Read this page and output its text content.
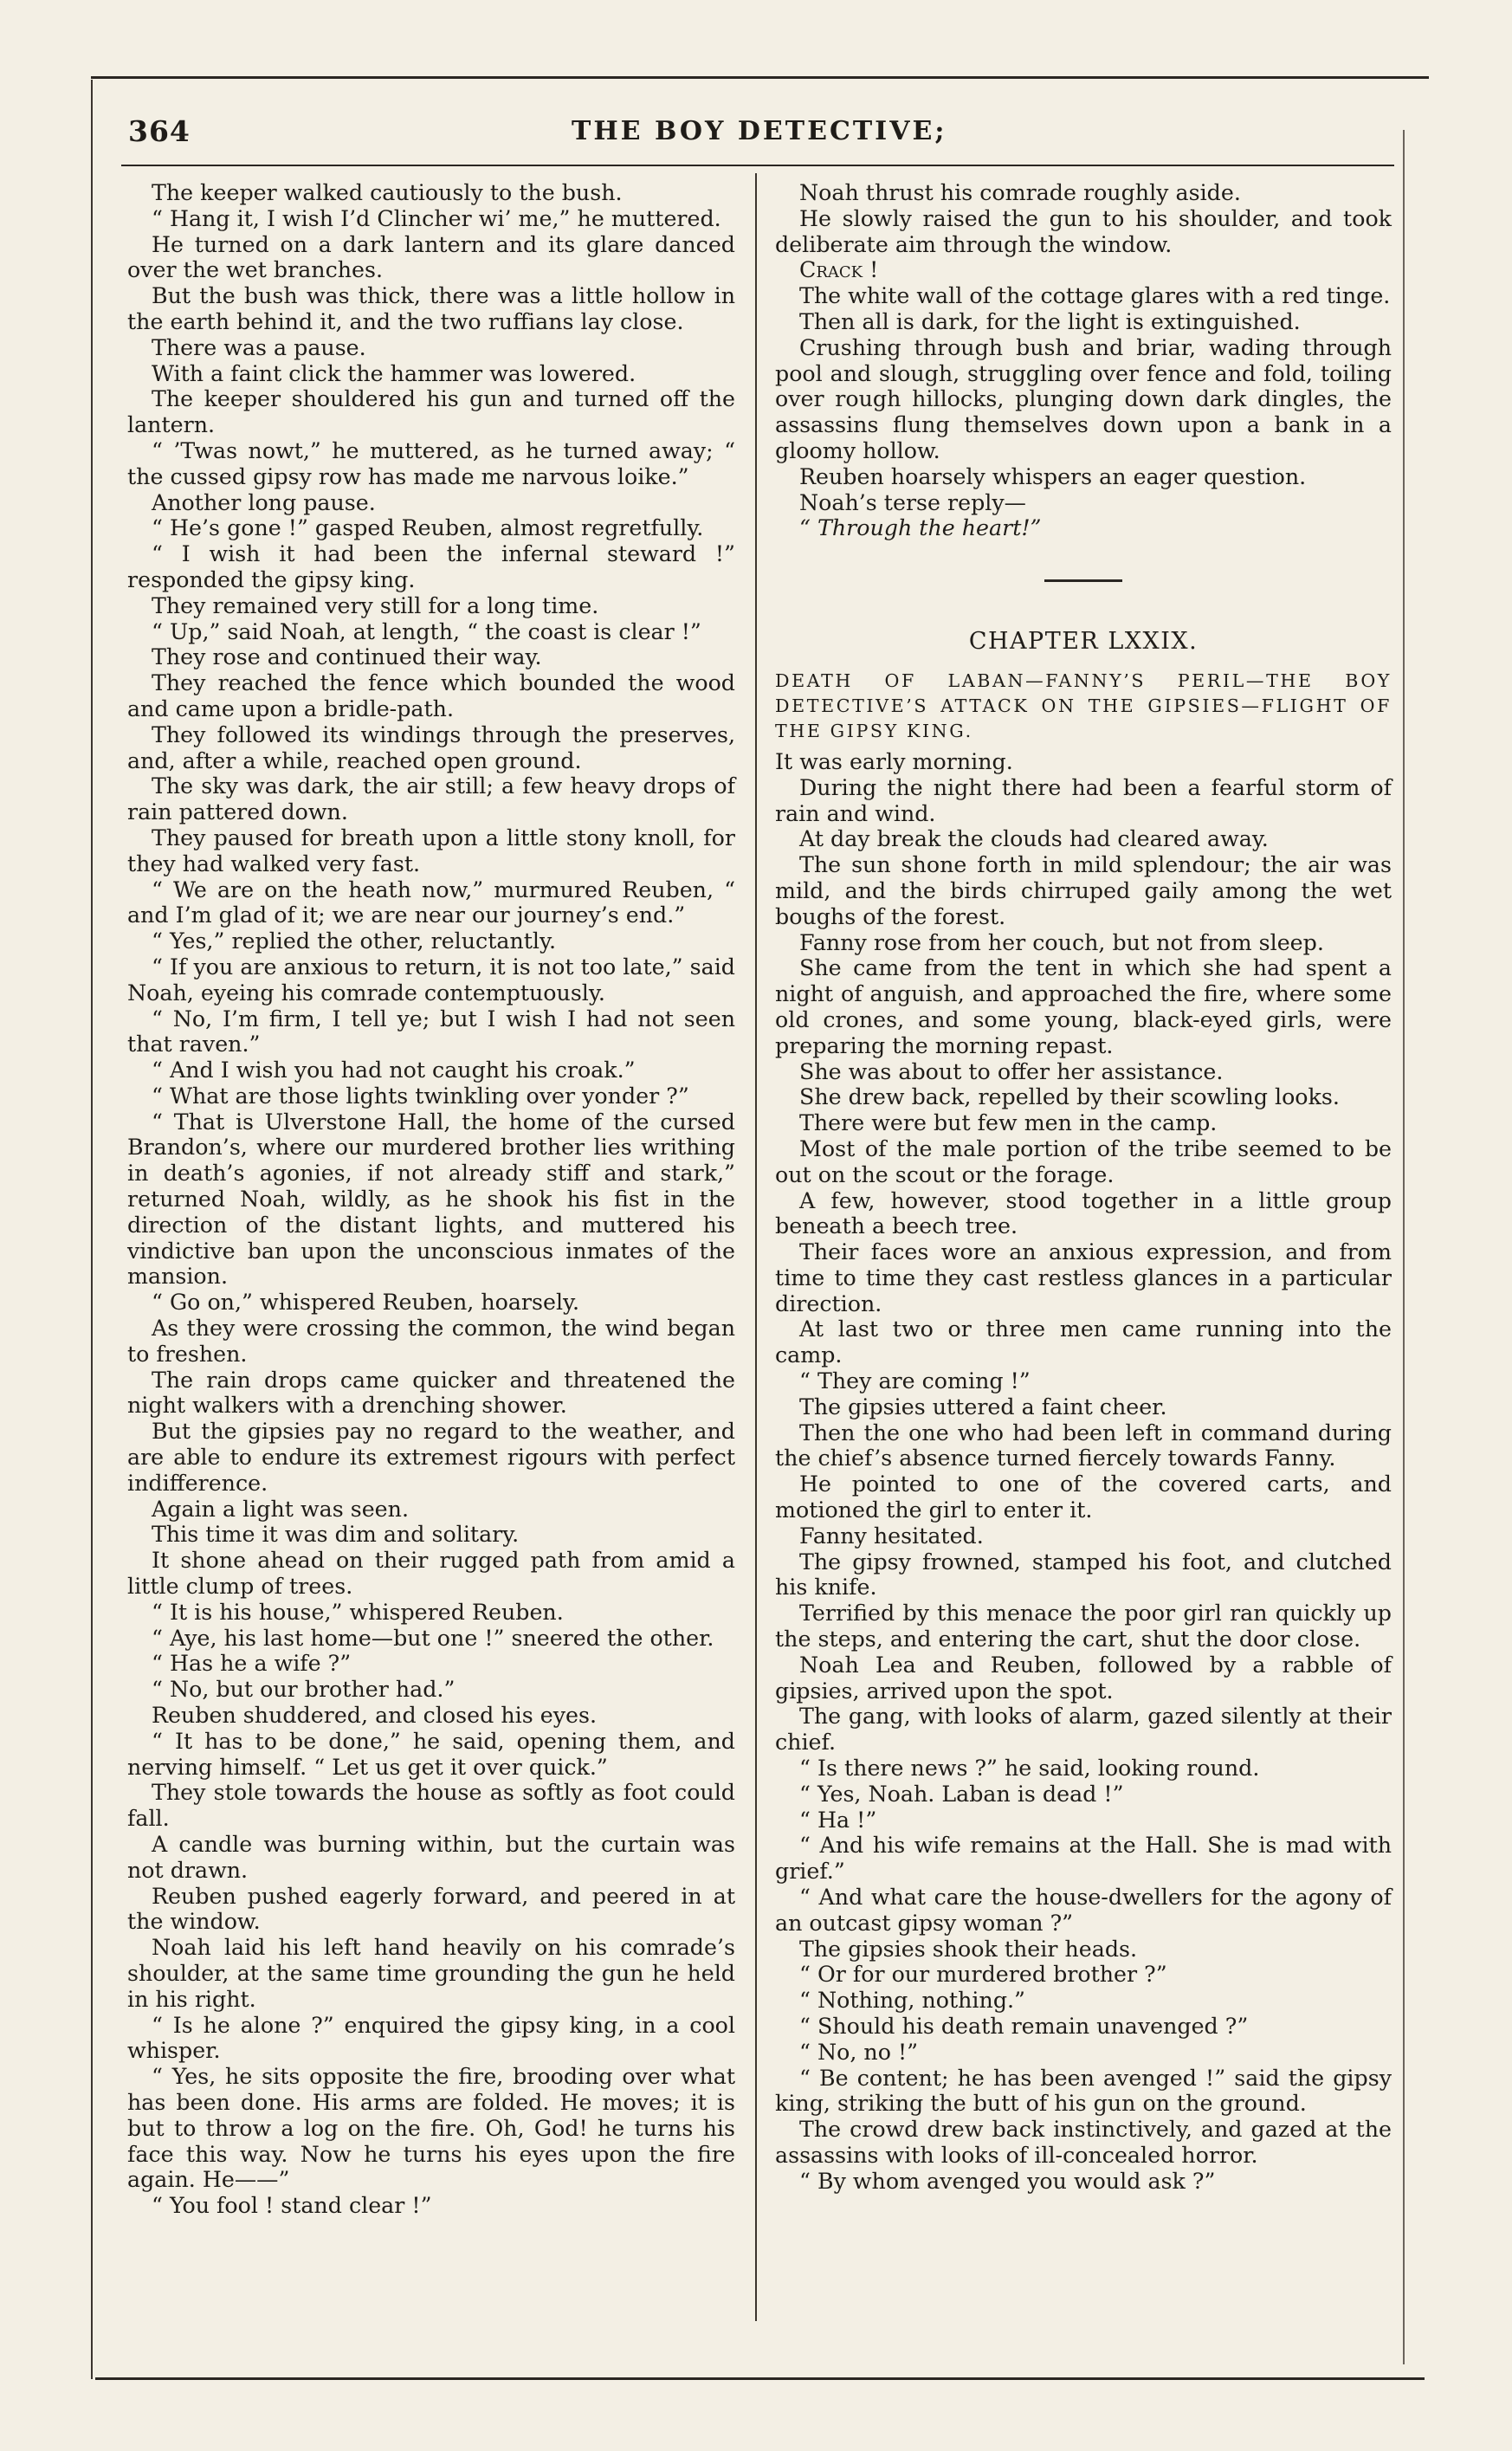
364	THE BOY DETECTIVE;

The keeper walked cautiously to the bush.

“ Hang it, I wish I’d Clincher wi’ me,” he muttered.

He turned on a dark lantern and its glare danced over the wet branches.

But the bush was thick, there was a little hollow in the earth behind it, and the two ruffians lay close.

There was a pause.

With a faint click the hammer was lowered.

The keeper shouldered his gun and turned off the lantern.

“ ’Twas nowt,” he muttered, as he turned away; “ the cussed gipsy row has made me narvous loike.”

Another long pause.

“ He’s gone !” gasped Reuben, almost regretfully.

“ I wish it had been the infernal steward !” responded the gipsy king.

They remained very still for a long time.

“ Up,” said Noah, at length, “ the coast is clear !”

They rose and continued their way.

They reached the fence which bounded the wood and came upon a bridle-path.

They followed its windings through the preserves, and, after a while, reached open ground.

The sky was dark, the air still; a few heavy drops of rain pattered down.

They paused for breath upon a little stony knoll, for they had walked very fast.

“ We are on the heath now,” murmured Reuben, “ and I’m glad of it; we are near our journey’s end.”

“ Yes,” replied the other, reluctantly.

“ If you are anxious to return, it is not too late,” said Noah, eyeing his comrade contemptuously.

“ No, I’m firm, I tell ye; but I wish I had not seen that raven.”

“ And I wish you had not caught his croak.”

“ What are those lights twinkling over yonder ?”

“ That is Ulverstone Hall, the home of the cursed Brandon’s, where our murdered brother lies writhing in death’s agonies, if not already stiff and stark,” returned Noah, wildly, as he shook his fist in the direction of the distant lights, and muttered his vindictive ban upon the unconscious inmates of the mansion.

“ Go on,” whispered Reuben, hoarsely.

As they were crossing the common, the wind began to freshen.

The rain drops came quicker and threatened the night walkers with a drenching shower.

But the gipsies pay no regard to the weather, and are able to endure its extremest rigours with perfect indifference.

Again a light was seen.

This time it was dim and solitary.

It shone ahead on their rugged path from amid a little clump of trees.

“ It is his house,” whispered Reuben.

“ Aye, his last home—but one !” sneered the other.

“ Has he a wife ?”

“ No, but our brother had.”

Reuben shuddered, and closed his eyes.

“ It has to be done,” he said, opening them, and nerving himself. “ Let us get it over quick.”

They stole towards the house as softly as foot could fall.

A candle was burning within, but the curtain was not drawn.

Reuben pushed eagerly forward, and peered in at the window.

Noah laid his left hand heavily on his comrade’s shoulder, at the same time grounding the gun he held in his right.

“ Is he alone ?” enquired the gipsy king, in a cool whisper.

“ Yes, he sits opposite the fire, brooding over what has been done. His arms are folded. He moves; it is but to throw a log on the fire. Oh, God! he turns his face this way. Now he turns his eyes upon the fire again. He——”

“ You fool ! stand clear !”

Noah thrust his comrade roughly aside.

He slowly raised the gun to his shoulder, and took deliberate aim through the window.

Crack !

The white wall of the cottage glares with a red tinge.

Then all is dark, for the light is extinguished.

Crushing through bush and briar, wading through pool and slough, struggling over fence and fold, toiling over rough hillocks, plunging down dark dingles, the assassins flung themselves down upon a bank in a gloomy hollow.

Reuben hoarsely whispers an eager question.

Noah’s terse reply—

“ Through the heart!”

CHAPTER LXXIX.

DEATH OF LABAN—FANNY’S PERIL—THE BOY DETECTIVE’S ATTACK ON THE GIPSIES—FLIGHT OF THE GIPSY KING.

It was early morning.

During the night there had been a fearful storm of rain and wind.

At day break the clouds had cleared away.

The sun shone forth in mild splendour; the air was mild, and the birds chirruped gaily among the wet boughs of the forest.

Fanny rose from her couch, but not from sleep.

She came from the tent in which she had spent a night of anguish, and approached the fire, where some old crones, and some young, black-eyed girls, were preparing the morning repast.

She was about to offer her assistance.

She drew back, repelled by their scowling looks.

There were but few men in the camp.

Most of the male portion of the tribe seemed to be out on the scout or the forage.

A few, however, stood together in a little group beneath a beech tree.

Their faces wore an anxious expression, and from time to time they cast restless glances in a particular direction.

At last two or three men came running into the camp.

“ They are coming !”

The gipsies uttered a faint cheer.

Then the one who had been left in command during the chief’s absence turned fiercely towards Fanny.

He pointed to one of the covered carts, and motioned the girl to enter it.

Fanny hesitated.

The gipsy frowned, stamped his foot, and clutched his knife.

Terrified by this menace the poor girl ran quickly up the steps, and entering the cart, shut the door close.

Noah Lea and Reuben, followed by a rabble of gipsies, arrived upon the spot.

The gang, with looks of alarm, gazed silently at their chief.

“ Is there news ?” he said, looking round.

“ Yes, Noah. Laban is dead !”

“ Ha !”

“ And his wife remains at the Hall. She is mad with grief.”

“ And what care the house-dwellers for the agony of an outcast gipsy woman ?”

The gipsies shook their heads.

“ Or for our murdered brother ?”

“ Nothing, nothing.”

“ Should his death remain unavenged ?”

“ No, no !”

“ Be content; he has been avenged !” said the gipsy king, striking the butt of his gun on the ground.

The crowd drew back instinctively, and gazed at the assassins with looks of ill-concealed horror.

“ By whom avenged you would ask ?”
